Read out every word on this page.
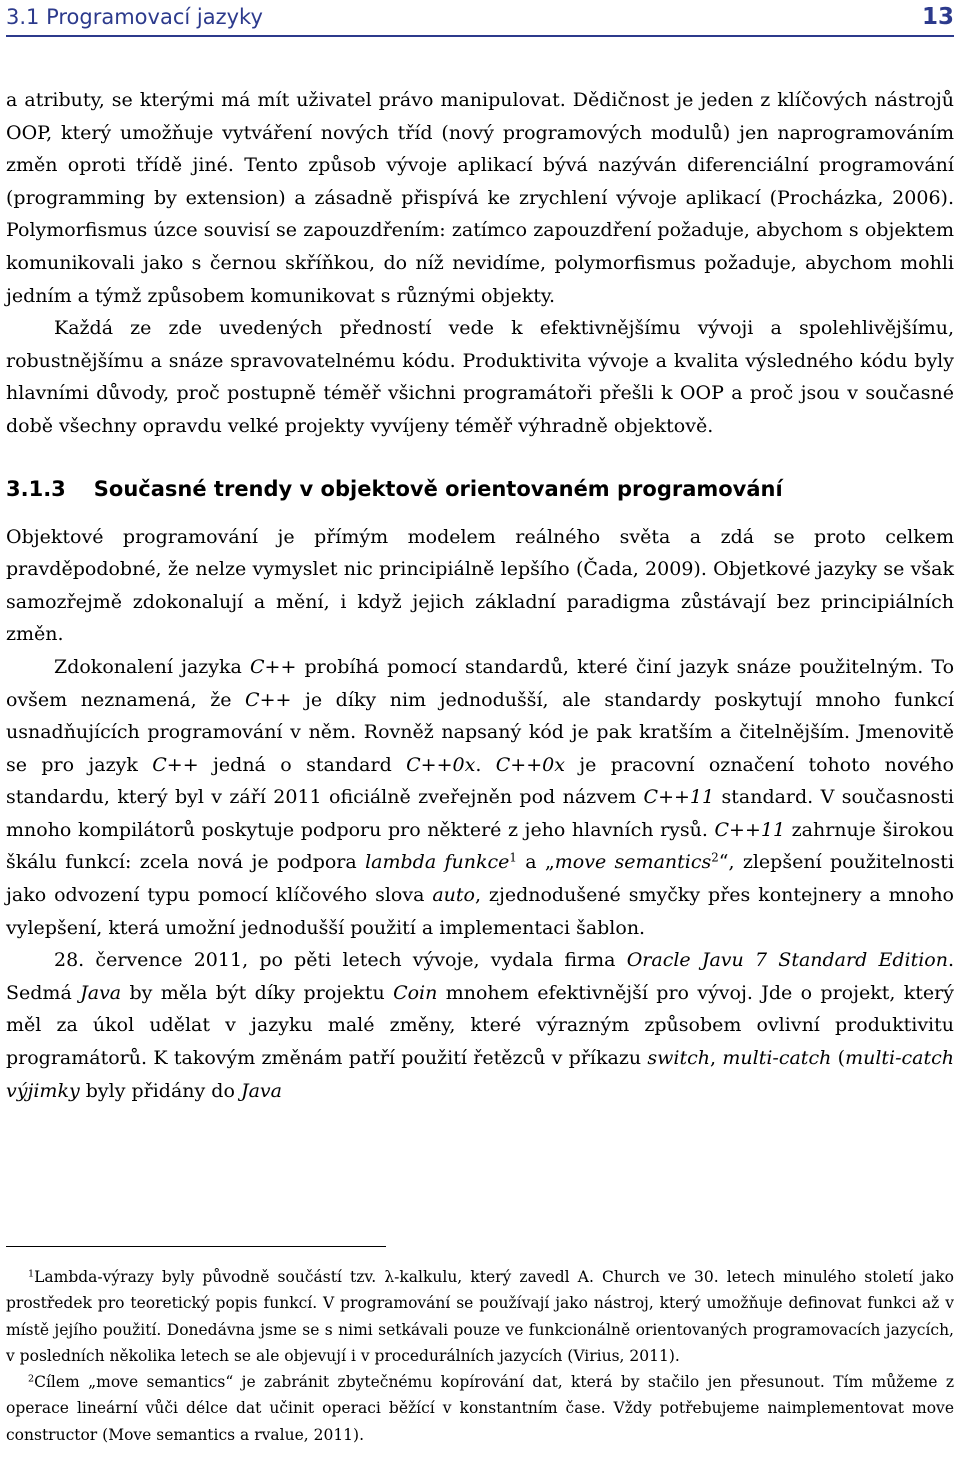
3.1 Programovací jazyky	13

a atributy, se kterými má mít uživatel právo manipulovat. Dědičnost je jeden z klíčových nástrojů OOP, který umožňuje vytváření nových tříd (nový programových modulů) jen naprogramováním změn oproti třídě jiné. Tento způsob vývoje aplikací bývá nazýván diferenciální programování (programming by extension) a zásadně přispívá ke zrychlení vývoje aplikací (Procházka, 2006). Polymorfismus úzce souvisí se zapouzdřením: zatímco zapouzdření požaduje, abychom s objektem komunikovali jako s černou skříňkou, do níž nevidíme, polymorfismus požaduje, abychom mohli jedním a týmž způsobem komunikovat s různými objekty.

Každá ze zde uvedených předností vede k efektivnějšímu vývoji a spolehlivějšímu, robustnějšímu a snáze spravovatelnému kódu. Produktivita vývoje a kvalita výsledného kódu byly hlavními důvody, proč postupně téměř všichni programátoři přešli k OOP a proč jsou v současné době všechny opravdu velké projekty vyvíjeny téměř výhradně objektově.

3.1.3 Současné trendy v objektově orientovaném programování

Objektové programování je přímým modelem reálného světa a zdá se proto celkem pravděpodobné, že nelze vymyslet nic principiálně lepšího (Čada, 2009). Objetkové jazyky se však samozřejmě zdokonalují a mění, i když jejich základní paradigma zůstávají bez principiálních změn.

Zdokonalení jazyka C++ probíhá pomocí standardů, které činí jazyk snáze použitelným. To ovšem neznamená, že C++ je díky nim jednodušší, ale standardy poskytují mnoho funkcí usnadňujících programování v něm. Rovněž napsaný kód je pak kratším a čitelnějším. Jmenovitě se pro jazyk C++ jedná o standard C++0x. C++0x je pracovní označení tohoto nového standardu, který byl v září 2011 oficiálně zveřejněn pod názvem C++11 standard. V současnosti mnoho kompilátorů poskytuje podporu pro některé z jeho hlavních rysů. C++11 zahrnuje širokou škálu funkcí: zcela nová je podpora lambda funkce$^1$ a „move semantics$^2$“, zlepšení použitelnosti jako odvození typu pomocí klíčového slova auto, zjednodušené smyčky přes kontejnery a mnoho vylepšení, která umožní jednodušší použití a implementaci šablon.

28. července 2011, po pěti letech vývoje, vydala firma Oracle Javu 7 Standard Edition. Sedmá Java by měla být díky projektu Coin mnohem efektivnější pro vývoj. Jde o projekt, který měl za úkol udělat v jazyku malé změny, které výrazným způsobem ovlivní produktivitu programátorů. K takovým změnám patří použití řetězců v příkazu switch, multi-catch (multi-catch výjimky byly přidány do Java

$^1$Lambda-výrazy byly původně součástí tzv. λ-kalkulu, který zavedl A. Church ve 30. letech minulého století jako prostředek pro teoretický popis funkcí. V programování se používají jako nástroj, který umožňuje definovat funkci až v místě jejího použití. Donedávna jsme se s nimi setkávali pouze ve funkcionálně orientovaných programovacích jazycích, v posledních několika letech se ale objevují i v procedurálních jazycích (Virius, 2011).

$^2$Cílem „move semantics“ je zabránit zbytečnému kopírování dat, která by stačilo jen přesunout. Tím můžeme z operace lineární vůči délce dat učinit operaci běžící v konstantním čase. Vždy potřebujeme naimplementovat move constructor (Move semantics a rvalue, 2011).
